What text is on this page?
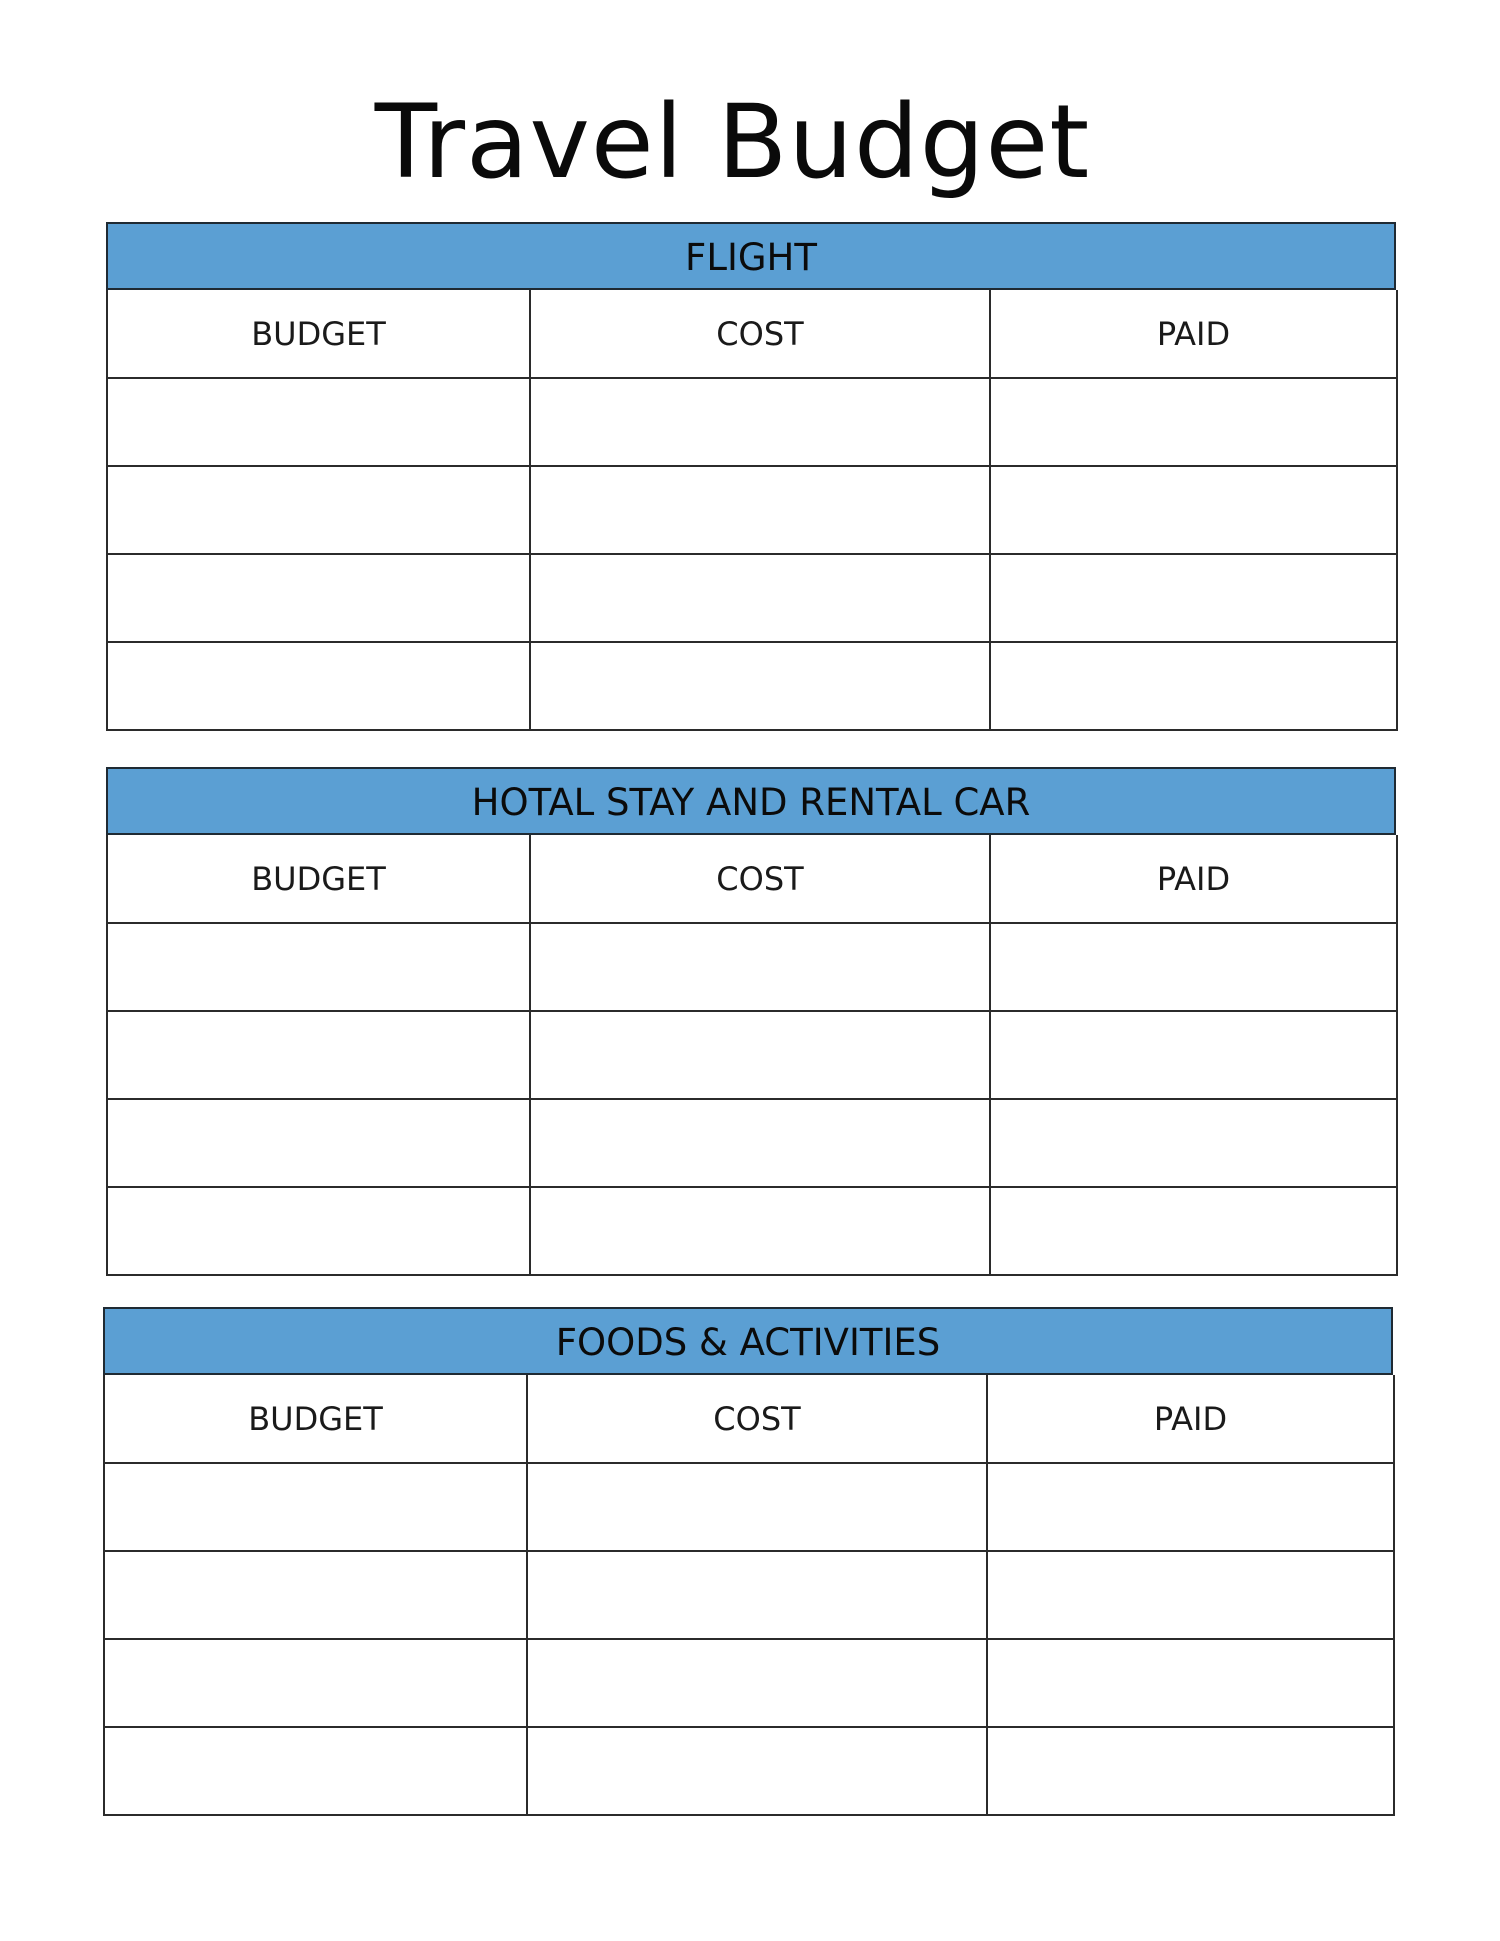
Travel Budget
FLIGHT
BUDGET	COST	PAID

HOTAL STAY AND RENTAL CAR
BUDGET	COST	PAID

FOODS & ACTIVITIES
BUDGET	COST	PAID
